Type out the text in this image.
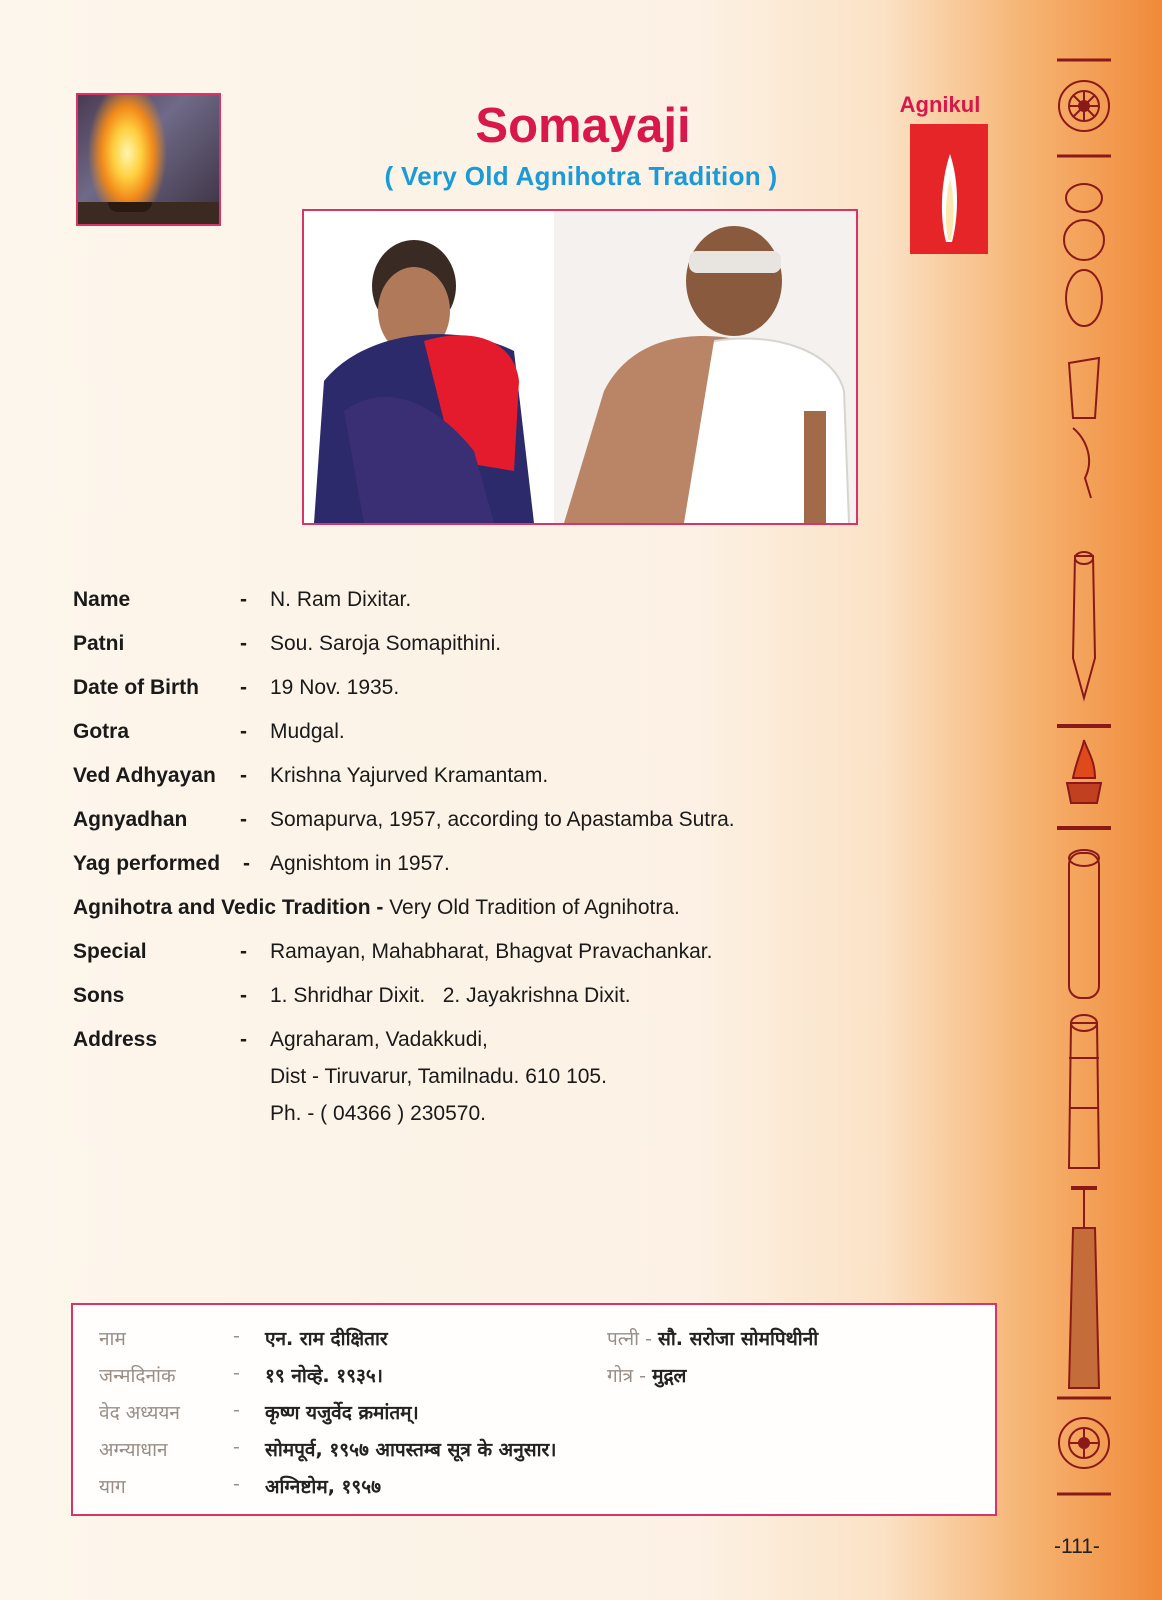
Somayaji
( Very Old Agnihotra Tradition )
Agnikul
Name	- N. Ram Dixitar.
Patni	- Sou. Saroja Somapithini.
Date of Birth - 19 Nov. 1935.
Gotra	- Mudgal.
Ved Adhyayan - Krishna Yajurved Kramantam.
Agnyadhan	- Somapurva, 1957, according to Apastamba Sutra.
Yag performed - Agnishtom in 1957.
Agnihotra and Vedic Tradition - Very Old Tradition of Agnihotra.
Special	- Ramayan, Mahabharat, Bhagvat Pravachankar.
Sons	- 1. Shridhar Dixit.   2. Jayakrishna Dixit.
Address	- Agraharam, Vadakkudi,
Dist - Tiruvarur, Tamilnadu. 610 105.
Ph. - ( 04366 ) 230570.
नाम	- एन. राम दीक्षितार
जन्मदिनांक	- १९ नोव्हे. १९३५।
वेद अध्ययन	- कृष्ण यजुर्वेद क्रमांतम्।
अग्न्याधान	- सोमपूर्व, १९५७ आपस्तम्ब सूत्र के अनुसार।
याग	- अग्निष्टोम, १९५७
पत्नी - सौ. सरोजा सोमपिथीनी
गोत्र - मुद्गल
-111-
